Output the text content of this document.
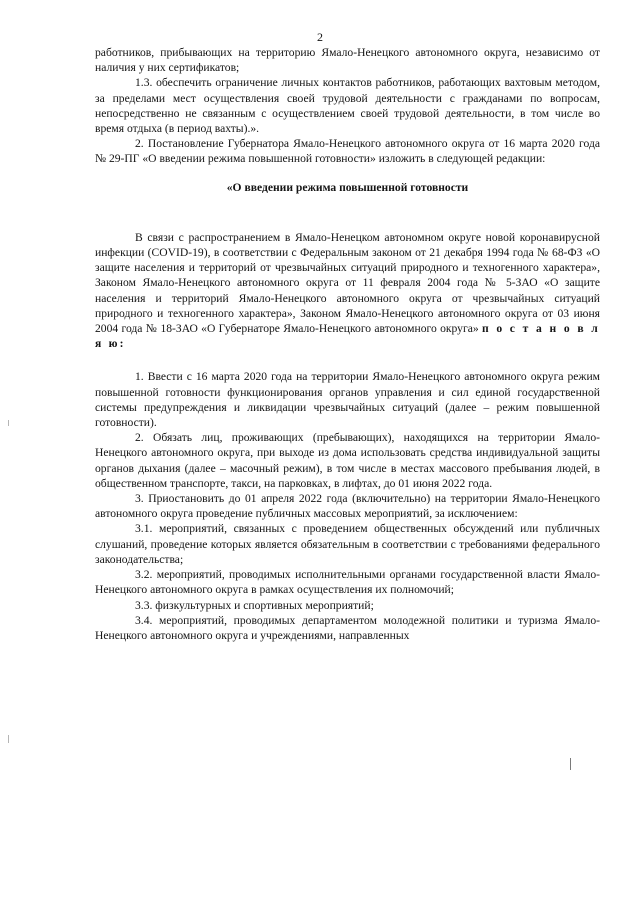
2

работников, прибывающих на территорию Ямало-Ненецкого автономного округа, независимо от наличия у них сертификатов;

1.3. обеспечить ограничение личных контактов работников, работающих вахтовым методом, за пределами мест осуществления своей трудовой деятельности с гражданами по вопросам, непосредственно не связанным с осуществлением своей трудовой деятельности, в том числе во время отдыха (в период вахты).».

2. Постановление Губернатора Ямало-Ненецкого автономного округа от 16 марта 2020 года № 29-ПГ «О введении режима повышенной готовности» изложить в следующей редакции:

«О введении режима повышенной готовности

В связи с распространением в Ямало-Ненецком автономном округе новой коронавирусной инфекции (COVID-19), в соответствии с Федеральным законом от 21 декабря 1994 года № 68-ФЗ «О защите населения и территорий от чрезвычайных ситуаций природного и техногенного характера», Законом Ямало-Ненецкого автономного округа от 11 февраля 2004 года № 5-ЗАО «О защите населения и территорий Ямало-Ненецкого автономного округа от чрезвычайных ситуаций природного и техногенного характера», Законом Ямало-Ненецкого автономного округа от 03 июня 2004 года № 18-ЗАО «О Губернаторе Ямало-Ненецкого автономного округа» п о с т а н о в л я ю:

1. Ввести с 16 марта 2020 года на территории Ямало-Ненецкого автономного округа режим повышенной готовности функционирования органов управления и сил единой государственной системы предупреждения и ликвидации чрезвычайных ситуаций (далее – режим повышенной готовности).

2. Обязать лиц, проживающих (пребывающих), находящихся на территории Ямало-Ненецкого автономного округа, при выходе из дома использовать средства индивидуальной защиты органов дыхания (далее – масочный режим), в том числе в местах массового пребывания людей, в общественном транспорте, такси, на парковках, в лифтах, до 01 июня 2022 года.

3. Приостановить до 01 апреля 2022 года (включительно) на территории Ямало-Ненецкого автономного округа проведение публичных массовых мероприятий, за исключением:

3.1. мероприятий, связанных с проведением общественных обсуждений или публичных слушаний, проведение которых является обязательным в соответствии с требованиями федерального законодательства;

3.2. мероприятий, проводимых исполнительными органами государственной власти Ямало-Ненецкого автономного округа в рамках осуществления их полномочий;

3.3. физкультурных и спортивных мероприятий;

3.4. мероприятий, проводимых департаментом молодежной политики и туризма Ямало-Ненецкого автономного округа и учреждениями, направленных
